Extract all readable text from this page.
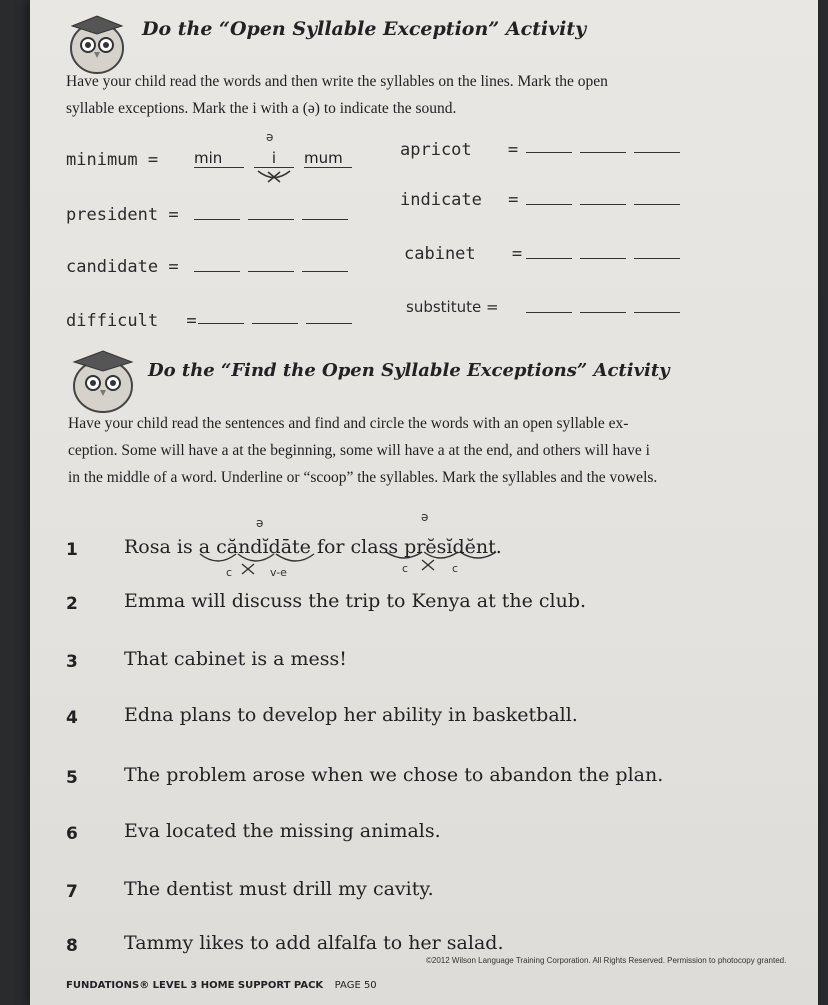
Do the “Open Syllable Exception” Activity
Have your child read the words and then write the syllables on the lines. Mark the open
syllable exceptions. Mark the i with a (ə) to indicate the sound.
minimum = min
ə
i	mum
president =
candidate =
difficult =
apricot =
indicate =
cabinet =
substitute =
Do the “Find the Open Syllable Exceptions” Activity
Have your child read the sentences and find and circle the words with an open syllable ex-
ception. Some will have a at the beginning, some will have a at the end, and others will have i
in the middle of a word. Underline or “scoop” the syllables. Mark the syllables and the vowels.
ə	ə
c	v-e	c	c
1 Rosa is a căndĭdāte for class prĕsĭdĕnt.
2 Emma will discuss the trip to Kenya at the club.
3 That cabinet is a mess!
4 Edna plans to develop her ability in basketball.
5 The problem arose when we chose to abandon the plan.
6 Eva located the missing animals.
7 The dentist must drill my cavity.
8 Tammy likes to add alfalfa to her salad.
FUNDATIONS® LEVEL 3 HOME SUPPORT PACK PAGE 50
©2012 Wilson Language Training Corporation. All Rights Reserved. Permission to photocopy granted.
